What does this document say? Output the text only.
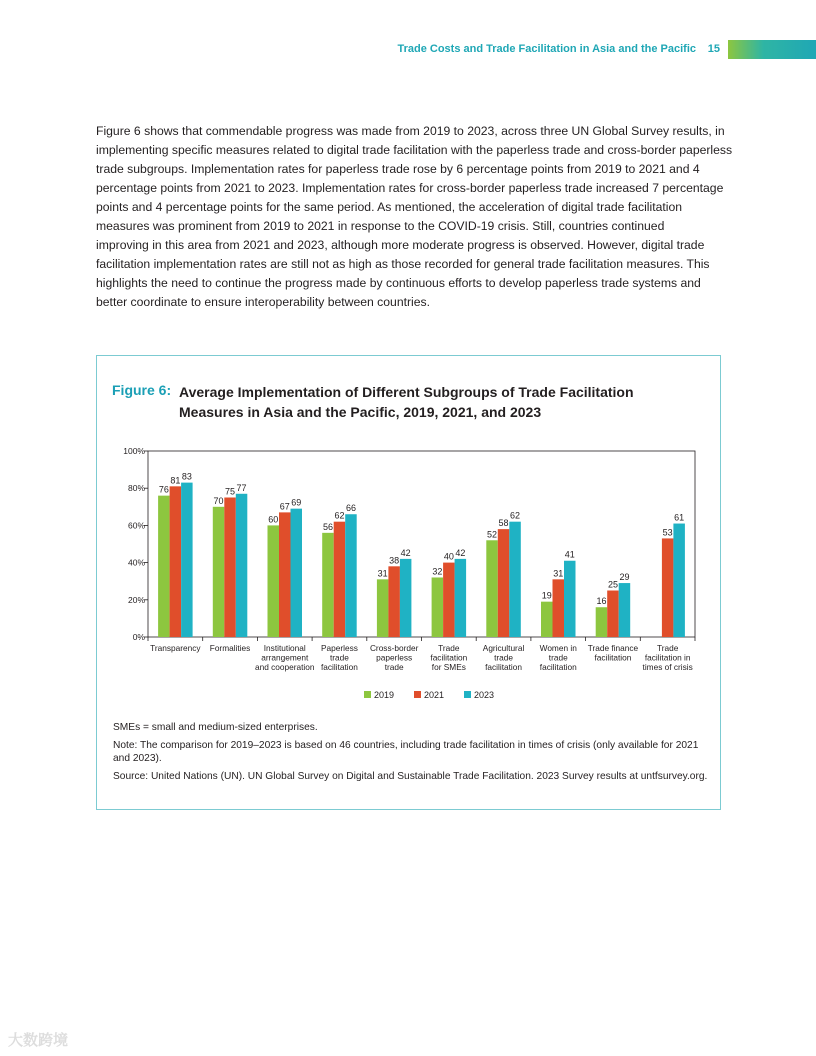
Trade Costs and Trade Facilitation in Asia and the Pacific 15
Figure 6 shows that commendable progress was made from 2019 to 2023, across three UN Global Survey results, in
implementing specific measures related to digital trade facilitation with the paperless trade and cross-border paperless
trade subgroups. Implementation rates for paperless trade rose by 6 percentage points from 2019 to 2021 and 4
percentage points from 2021 to 2023. Implementation rates for cross-border paperless trade increased 7 percentage
points and 4 percentage points for the same period. As mentioned, the acceleration of digital trade facilitation
measures was prominent from 2019 to 2021 in response to the COVID-19 crisis. Still, countries continued
improving in this area from 2021 and 2023, although more moderate progress is observed. However, digital trade
facilitation implementation rates are still not as high as those recorded for general trade facilitation measures. This
highlights the need to continue the progress made by continuous efforts to develop paperless trade systems and
better coordinate to ensure interoperability between countries.
Figure 6: Average Implementation of Different Subgroups of Trade Facilitation
Measures in Asia and the Pacific, 2019, 2021, and 2023
0%
20%
40%
60%
80%
100%
76
81 83
Transparency
70
75 77
Formalities
60
67 69
Institutional arrangement and cooperation
56
62
66
Paperless trade facilitation
31
38
42
Cross-border paperless trade
32
40 42
Trade facilitation for SMEs
52
58
62
Agricultural trade facilitation
19
31
41
Women in trade facilitation
16
25
29
Trade finance facilitation
53
61
Trade facilitation in times of crisis
2019	2021	2023

SMEs = small and medium-sized enterprises.

Note: The comparison for 2019–2023 is based on 46 countries, including trade facilitation in times of crisis (only available for 2021 and 2023).

Source: United Nations (UN). UN Global Survey on Digital and Sustainable Trade Facilitation. 2023 Survey results at untfsurvey.org.

大数跨境
